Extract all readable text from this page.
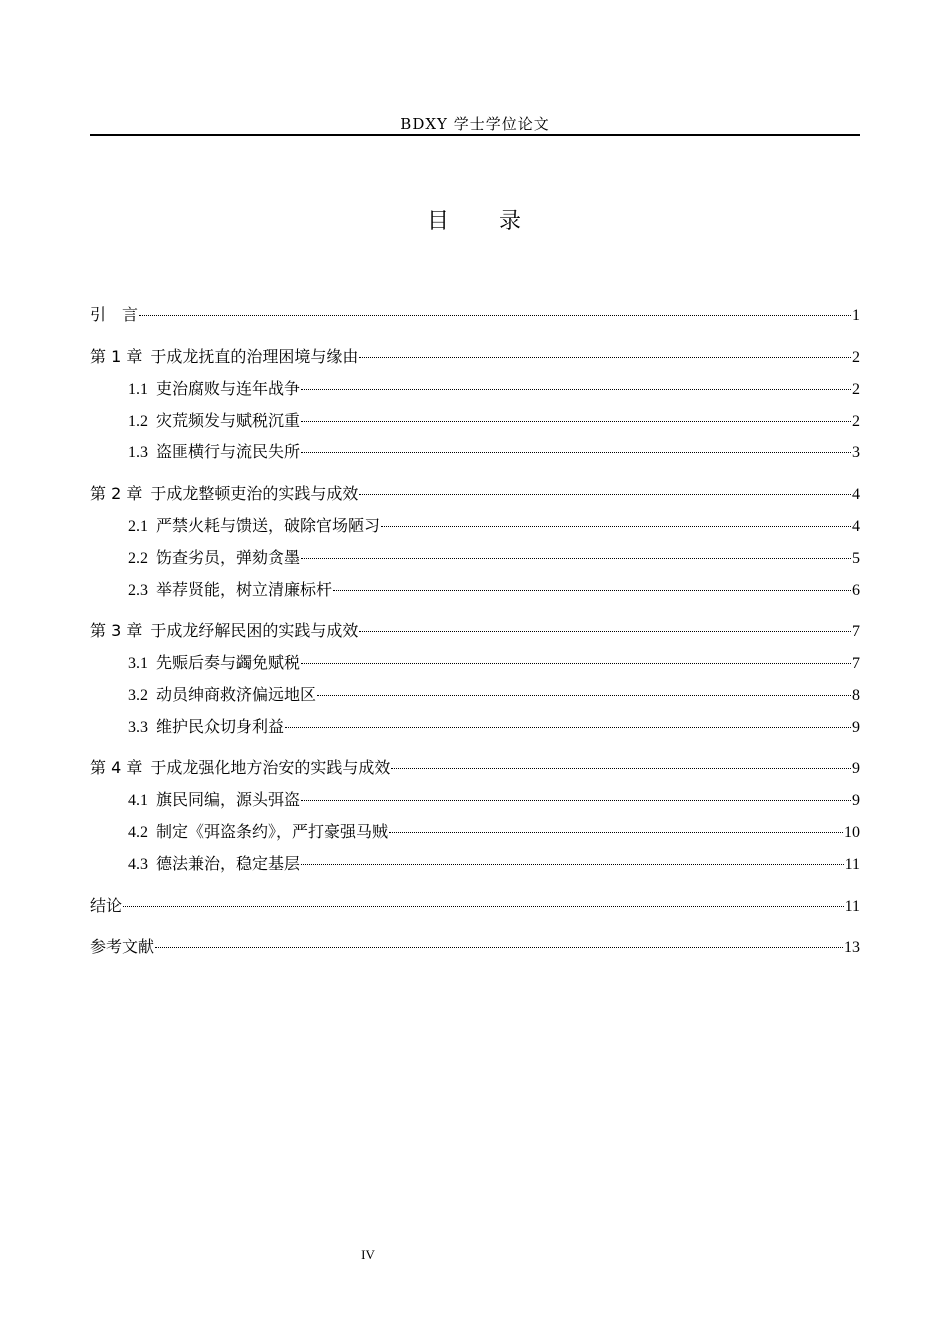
BDXY 学士学位论文
目 录
引　言	1
第 1 章 于成龙抚直的治理困境与缘由	2
1.1 吏治腐败与连年战争	2
1.2 灾荒频发与赋税沉重	2
1.3 盗匪横行与流民失所	3
第 2 章 于成龙整顿吏治的实践与成效	4
2.1 严禁火耗与馈送，破除官场陋习	4
2.2 饬查劣员，弹劾贪墨	5
2.3 举荐贤能，树立清廉标杆	6
第 3 章 于成龙纾解民困的实践与成效	7
3.1 先赈后奏与蠲免赋税	7
3.2 动员绅商救济偏远地区	8
3.3 维护民众切身利益	9
第 4 章 于成龙强化地方治安的实践与成效	9
4.1 旗民同编，源头弭盗	9
4.2 制定《弭盗条约》，严打豪强马贼	10
4.3 德法兼治，稳定基层	11
结论	11
参考文献	13
IV
